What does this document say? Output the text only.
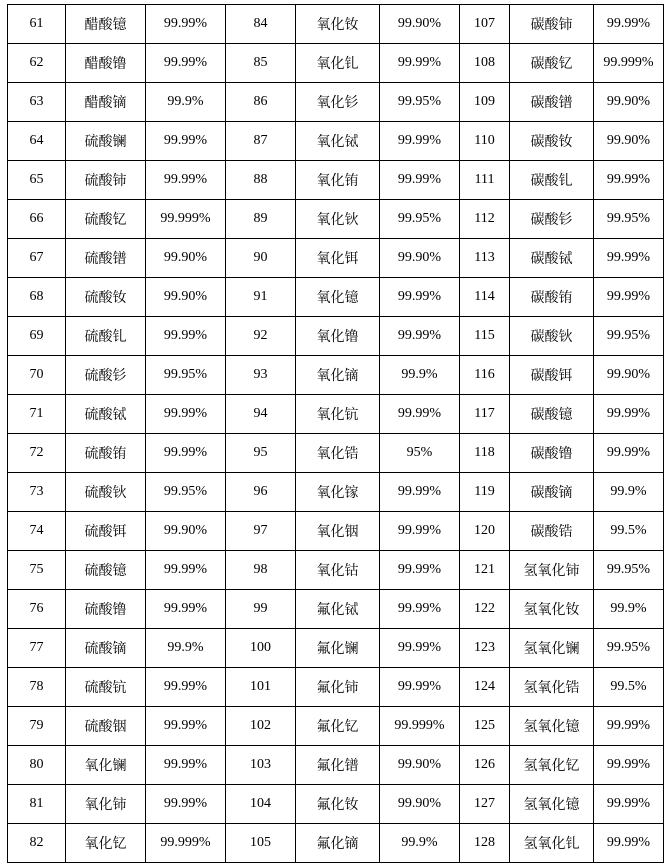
61	醋酸镱	99.99%	84	氧化钕	99.90%	107	碳酸铈	99.99%
62	醋酸镥	99.99%	85	氧化钆	99.99%	108	碳酸钇	99.999%
63	醋酸镝	99.9%	86	氧化钐	99.95%	109	碳酸镨	99.90%
64	硫酸镧	99.99%	87	氧化铽	99.99%	110	碳酸钕	99.90%
65	硫酸铈	99.99%	88	氧化铕	99.99%	111	碳酸钆	99.99%
66	硫酸钇	99.999%	89	氧化钬	99.95%	112	碳酸钐	99.95%
67	硫酸镨	99.90%	90	氧化铒	99.90%	113	碳酸铽	99.99%
68	硫酸钕	99.90%	91	氧化镱	99.99%	114	碳酸铕	99.99%
69	硫酸钆	99.99%	92	氧化镥	99.99%	115	碳酸钬	99.95%
70	硫酸钐	99.95%	93	氧化镝	99.9%	116	碳酸铒	99.90%
71	硫酸铽	99.99%	94	氧化钪	99.99%	117	碳酸镱	99.99%
72	硫酸铕	99.99%	95	氧化锆	95%	118	碳酸镥	99.99%
73	硫酸钬	99.95%	96	氧化镓	99.99%	119	碳酸镝	99.9%
74	硫酸铒	99.90%	97	氧化铟	99.99%	120	碳酸锆	99.5%
75	硫酸镱	99.99%	98	氧化钴	99.99%	121	氢氧化铈	99.95%
76	硫酸镥	99.99%	99	氟化铽	99.99%	122	氢氧化钕	99.9%
77	硫酸镝	99.9%	100	氟化镧	99.99%	123	氢氧化镧	99.95%
78	硫酸钪	99.99%	101	氟化铈	99.99%	124	氢氧化锆	99.5%
79	硫酸铟	99.99%	102	氟化钇	99.999%	125	氢氧化镱	99.99%
80	氧化镧	99.99%	103	氟化镨	99.90%	126	氢氧化钇	99.99%
81	氧化铈	99.99%	104	氟化钕	99.90%	127	氢氧化镱	99.99%
82	氧化钇	99.999%	105	氟化镝	99.9%	128	氢氧化钆	99.99%
